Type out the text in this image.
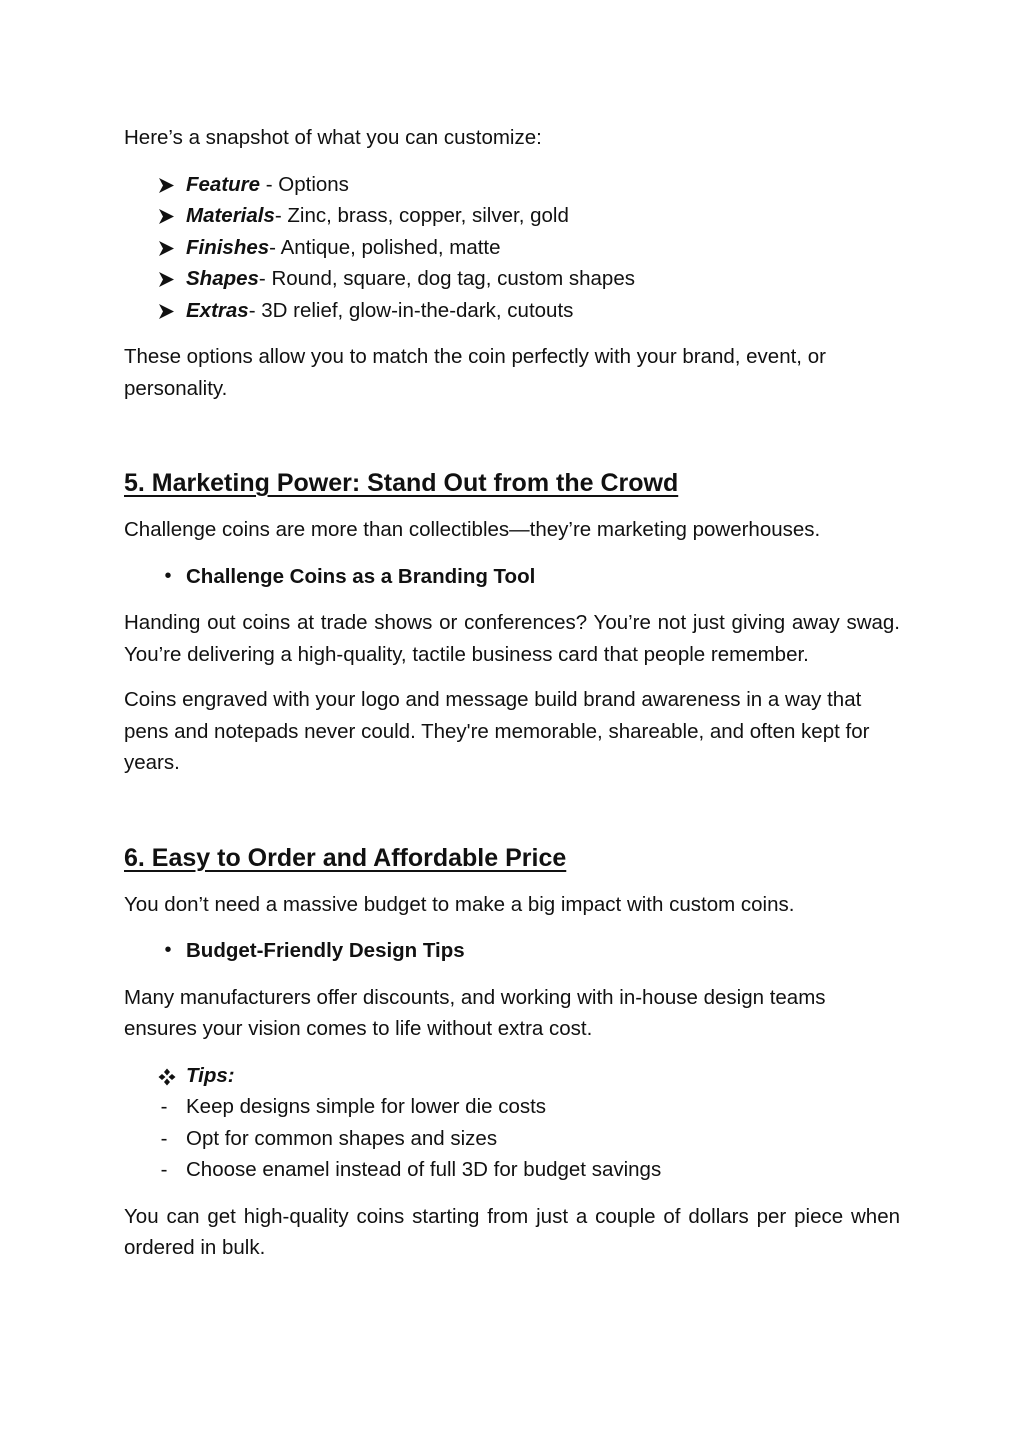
Here’s a snapshot of what you can customize:

Feature - Options
Materials- Zinc, brass, copper, silver, gold
Finishes- Antique, polished, matte
Shapes- Round, square, dog tag, custom shapes
Extras- 3D relief, glow-in-the-dark, cutouts

These options allow you to match the coin perfectly with your brand, event, or personality.

5. Marketing Power: Stand Out from the Crowd

Challenge coins are more than collectibles—they’re marketing powerhouses.

• Challenge Coins as a Branding Tool

Handing out coins at trade shows or conferences? You’re not just giving away swag. You’re delivering a high-quality, tactile business card that people remember.

Coins engraved with your logo and message build brand awareness in a way that pens and notepads never could. They're memorable, shareable, and often kept for years.

6. Easy to Order and Affordable Price

You don’t need a massive budget to make a big impact with custom coins.

• Budget-Friendly Design Tips

Many manufacturers offer discounts, and working with in-house design teams ensures your vision comes to life without extra cost.

Tips:
- Keep designs simple for lower die costs
- Opt for common shapes and sizes
- Choose enamel instead of full 3D for budget savings

You can get high-quality coins starting from just a couple of dollars per piece when ordered in bulk.
